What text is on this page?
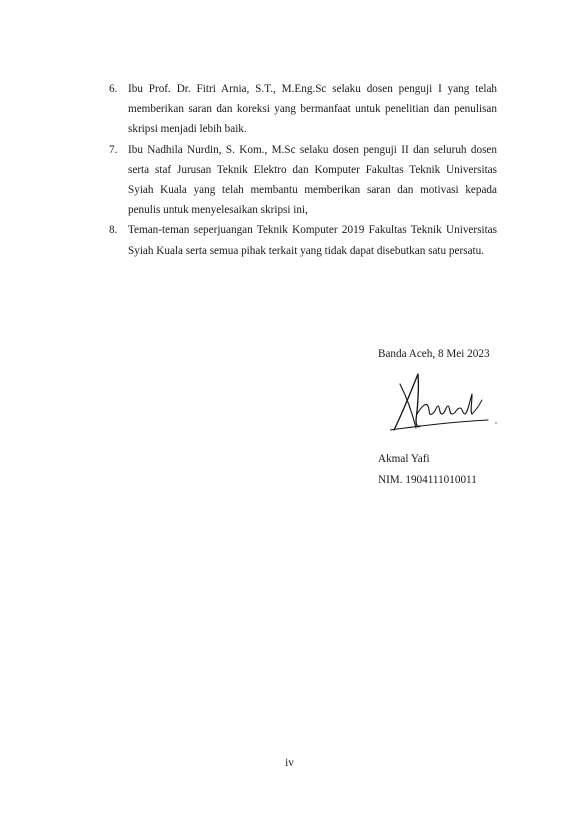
6. Ibu Prof. Dr. Fitri Arnia, S.T., M.Eng.Sc selaku dosen penguji I yang telah memberikan saran dan koreksi yang bermanfaat untuk penelitian dan penulisan skripsi menjadi lebih baik.
7. Ibu Nadhila Nurdin, S. Kom., M.Sc selaku dosen penguji II dan seluruh dosen serta staf Jurusan Teknik Elektro dan Komputer Fakultas Teknik Universitas Syiah Kuala yang telah membantu memberikan saran dan motivasi kepada penulis untuk menyelesaikan skripsi ini,
8. Teman-teman seperjuangan Teknik Komputer 2019 Fakultas Teknik Universitas Syiah Kuala serta semua pihak terkait yang tidak dapat disebutkan satu persatu.
Banda Aceh, 8 Mei 2023
Akmal Yafi
NIM. 1904111010011
iv
